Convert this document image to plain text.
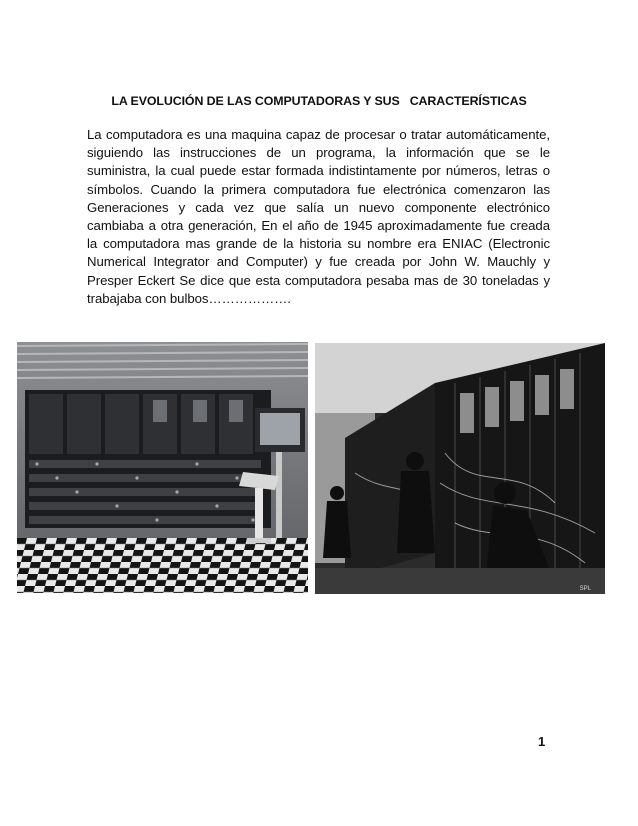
LA EVOLUCIÓN DE LAS COMPUTADORAS Y SUS   CARACTERÍSTICAS
La computadora es una maquina capaz de procesar o tratar automáticamente, siguiendo las instrucciones de un programa, la información que se le suministra, la cual puede estar formada indistintamente por números, letras o símbolos. Cuando la primera computadora fue electrónica comenzaron las Generaciones y cada vez que salía un nuevo componente electrónico cambiaba a otra generación, En el año de 1945 aproximadamente fue creada la computadora mas grande de la historia su nombre era ENIAC (Electronic Numerical Integrator and Computer) y fue creada por John W. Mauchly y Presper Eckert Se dice que esta computadora pesaba mas de 30 toneladas y trabajaba con bulbos……………….
SPL
1
